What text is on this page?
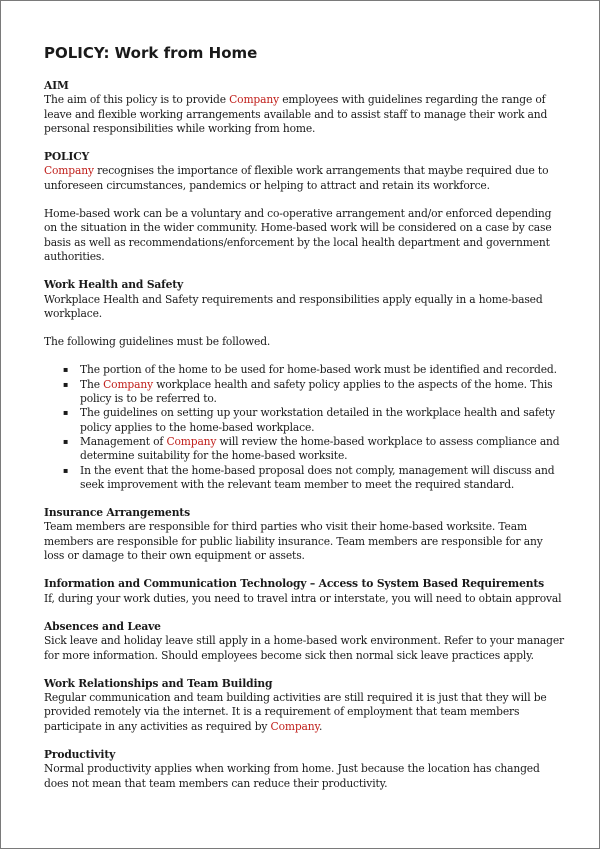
POLICY: Work from Home

AIM

The aim of this policy is to provide Company employees with guidelines regarding the range of leave and flexible working arrangements available and to assist staff to manage their work and personal responsibilities while working from home.

POLICY

Company recognises the importance of flexible work arrangements that maybe required due to unforeseen circumstances, pandemics or helping to attract and retain its workforce.

Home-based work can be a voluntary and co-operative arrangement and/or enforced depending on the situation in the wider community. Home-based work will be considered on a case by case basis as well as recommendations/enforcement by the local health department and government authorities.

Work Health and Safety

Workplace Health and Safety requirements and responsibilities apply equally in a home-based workplace.

The following guidelines must be followed.

▪ The portion of the home to be used for home-based work must be identified and recorded.
▪ The Company workplace health and safety policy applies to the aspects of the home. This policy is to be referred to.
▪ The guidelines on setting up your workstation detailed in the workplace health and safety policy applies to the home-based workplace.
▪ Management of Company will review the home-based workplace to assess compliance and determine suitability for the home-based worksite.
▪ In the event that the home-based proposal does not comply, management will discuss and seek improvement with the relevant team member to meet the required standard.

Insurance Arrangements

Team members are responsible for third parties who visit their home-based worksite. Team members are responsible for public liability insurance. Team members are responsible for any loss or damage to their own equipment or assets.

Information and Communication Technology – Access to System Based Requirements

If, during your work duties, you need to travel intra or interstate, you will need to obtain approval

Absences and Leave

Sick leave and holiday leave still apply in a home-based work environment. Refer to your manager for more information. Should employees become sick then normal sick leave practices apply.

Work Relationships and Team Building

Regular communication and team building activities are still required it is just that they will be provided remotely via the internet. It is a requirement of employment that team members participate in any activities as required by Company.

Productivity

Normal productivity applies when working from home. Just because the location has changed does not mean that team members can reduce their productivity.
